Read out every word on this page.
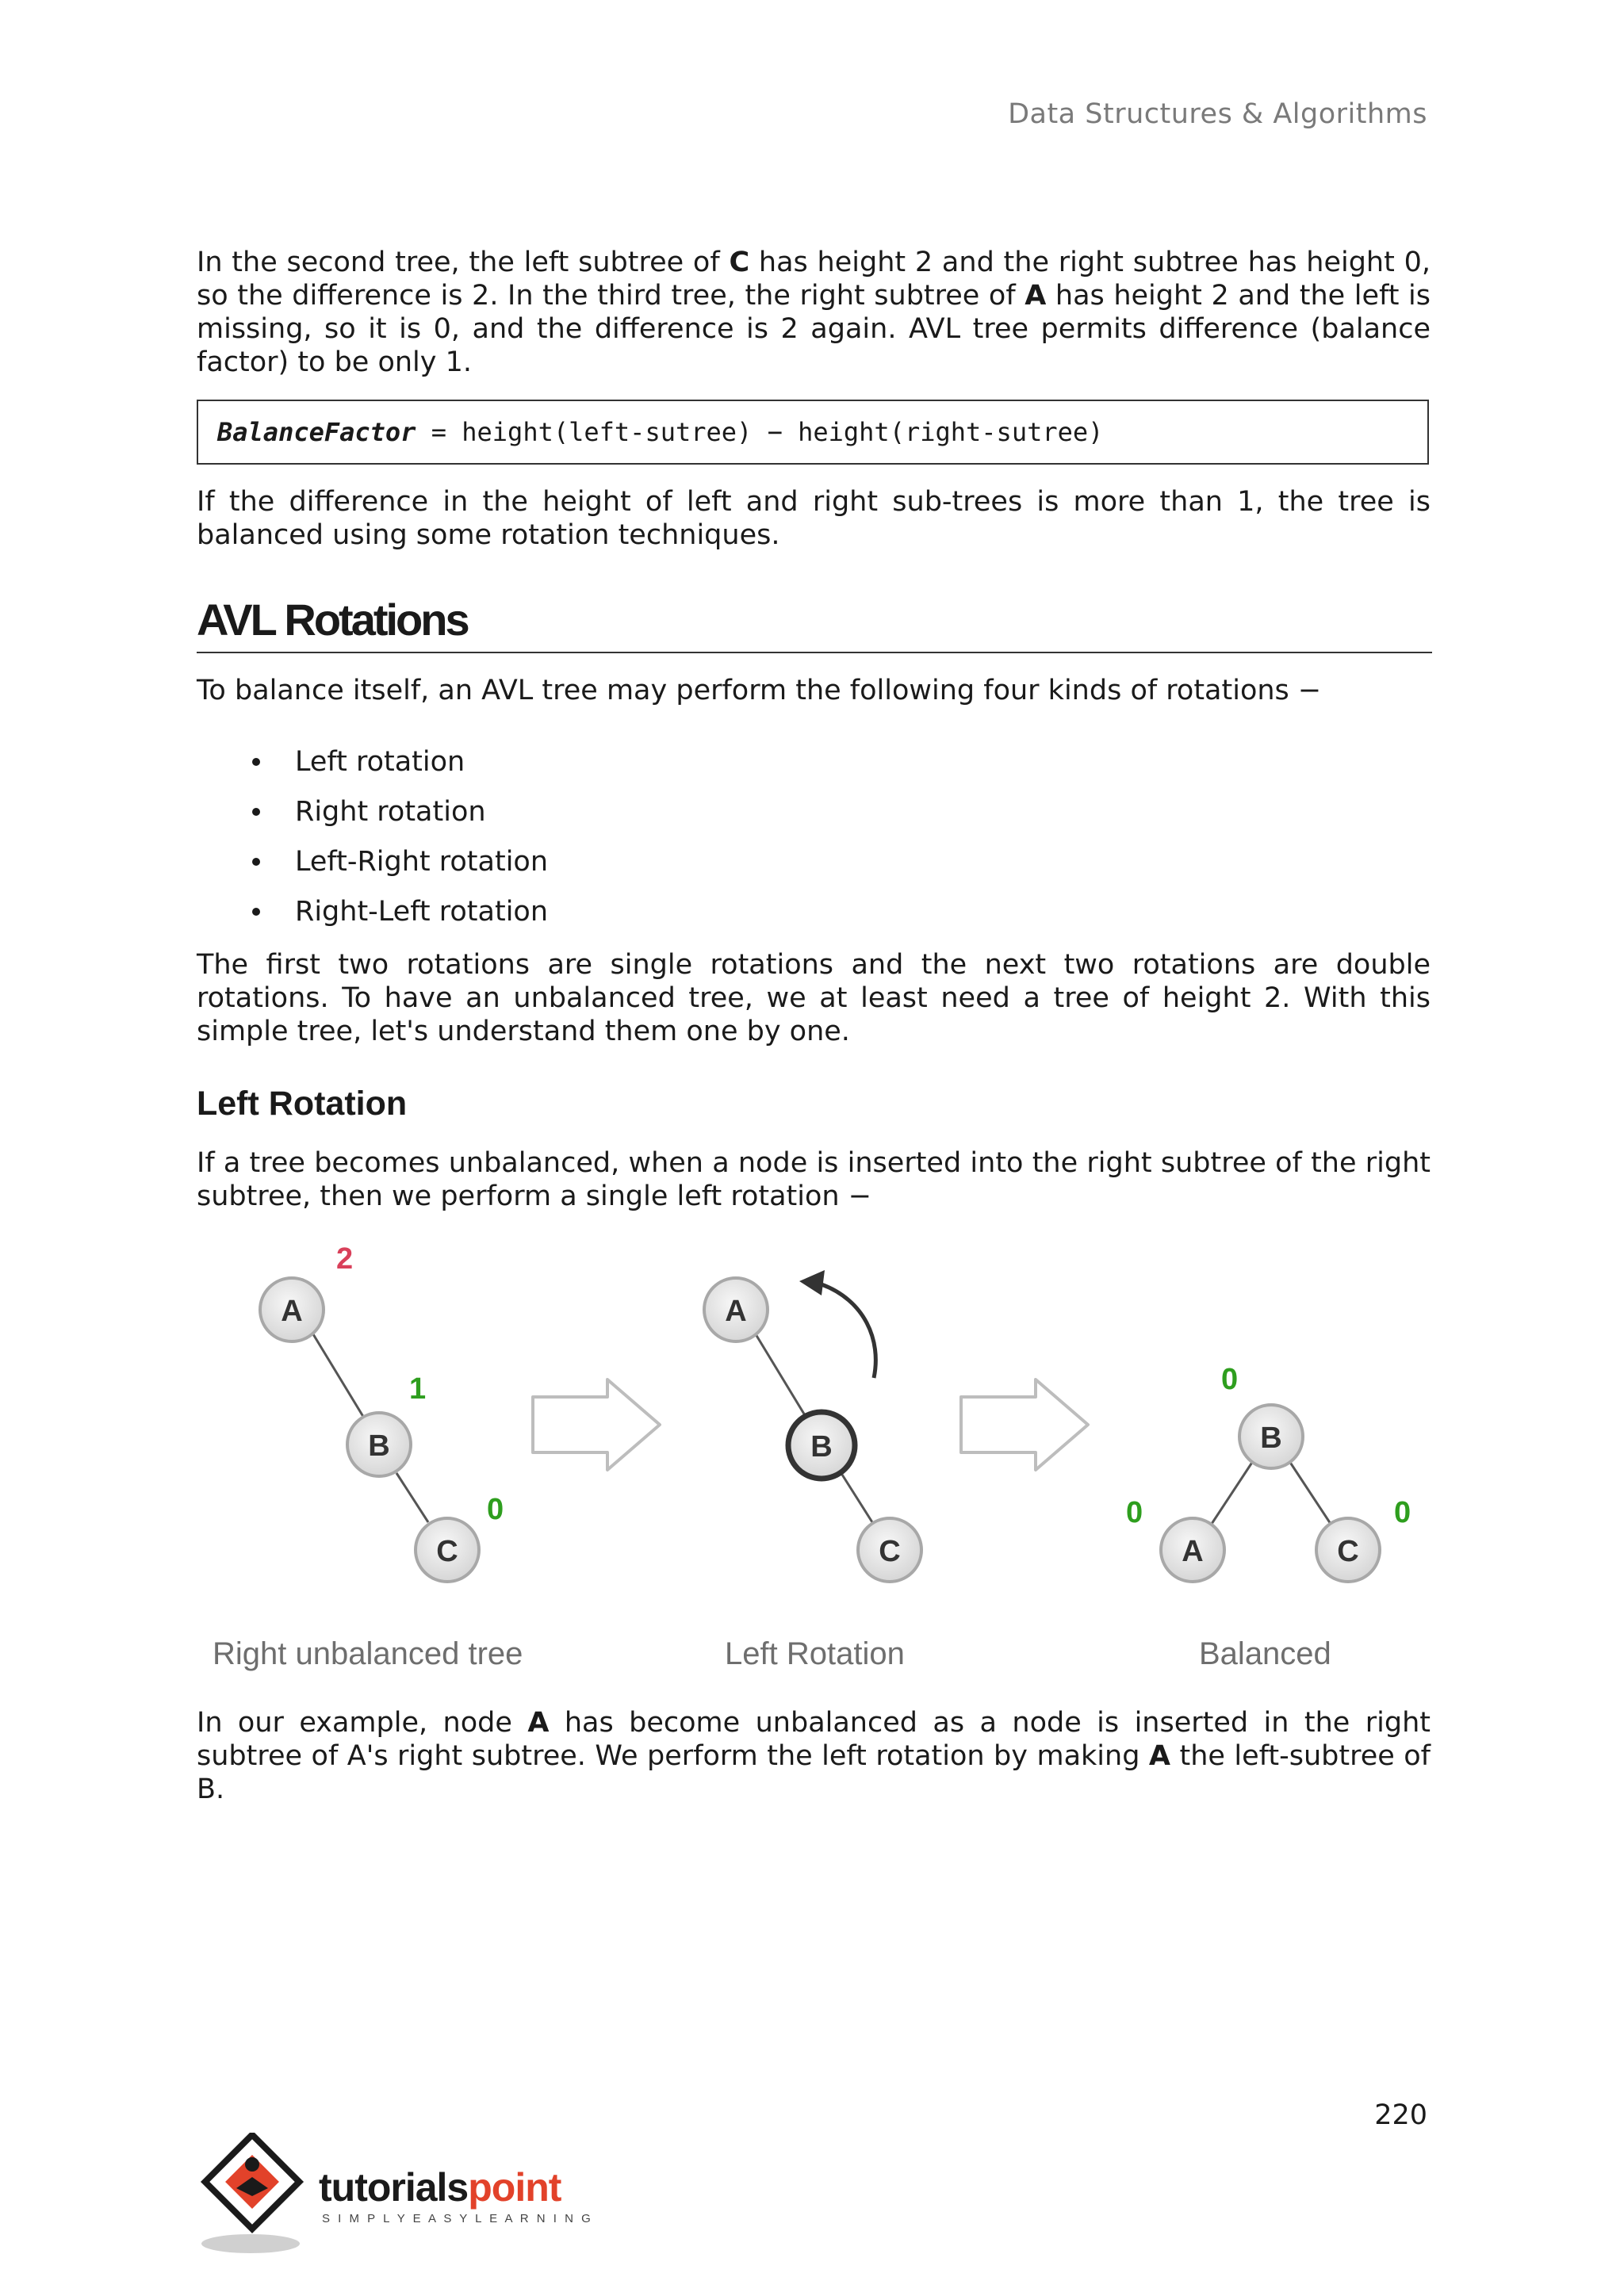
Data Structures & Algorithms

In the second tree, the left subtree of C has height 2 and the right subtree has height 0, so the difference is 2. In the third tree, the right subtree of A has height 2 and the left is missing, so it is 0, and the difference is 2 again. AVL tree permits difference (balance factor) to be only 1.

BalanceFactor = height(left-sutree) − height(right-sutree)

If the difference in the height of left and right sub-trees is more than 1, the tree is balanced using some rotation techniques.

AVL Rotations

To balance itself, an AVL tree may perform the following four kinds of rotations −

Left rotation
Right rotation
Left-Right rotation
Right-Left rotation

The first two rotations are single rotations and the next two rotations are double rotations. To have an unbalanced tree, we at least need a tree of height 2. With this simple tree, let's understand them one by one.

Left Rotation

If a tree becomes unbalanced, when a node is inserted into the right subtree of the right subtree, then we perform a single left rotation −

A
B
C
2
1
0
A
B
C
B
A	C
0
0	0
Right unbalanced tree	Left Rotation	Balanced

In our example, node A has become unbalanced as a node is inserted in the right subtree of A's right subtree. We perform the left rotation by making A the left-subtree of B.

220
tutorialspoint
S I M P L Y E A S Y L E A R N I N G
